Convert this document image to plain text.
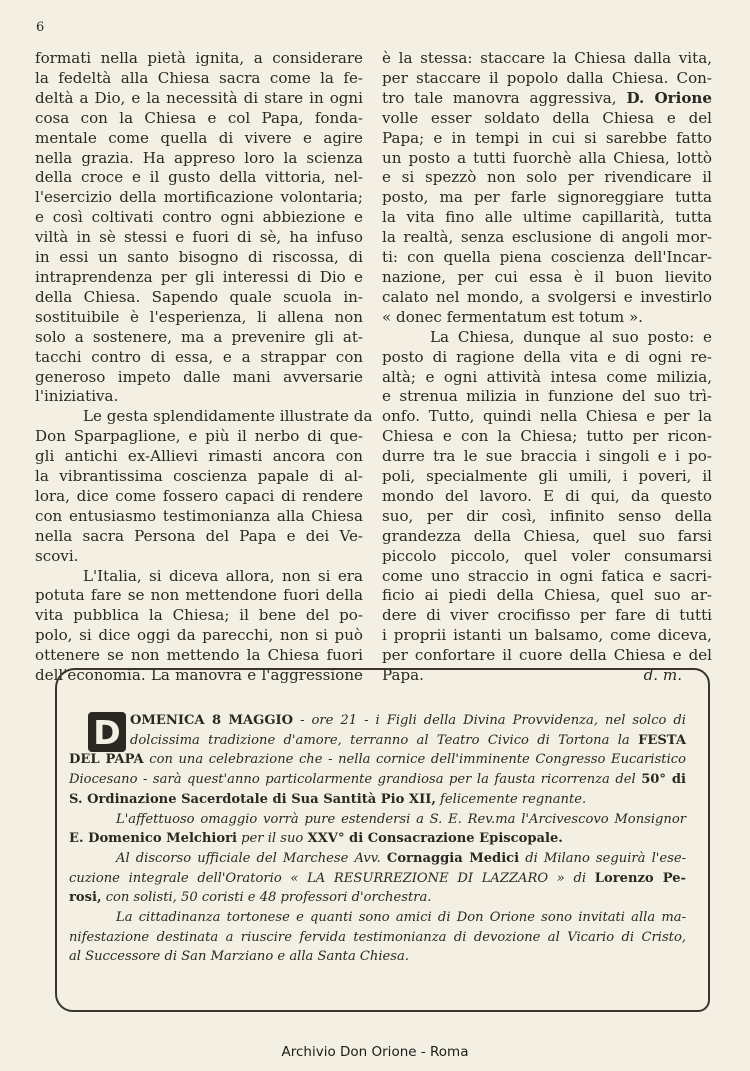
6

formati nella pietà ignita, a considerare
la fedeltà alla Chiesa sacra come la fe-
deltà a Dio, e la necessità di stare in ogni
cosa con la Chiesa e col Papa, fonda-
mentale come quella di vivere e agire
nella grazia. Ha appreso loro la scienza
della croce e il gusto della vittoria, nel-
l'esercizio della mortificazione volontaria;
e così coltivati contro ogni abbiezione e
viltà in sè stessi e fuori di sè, ha infuso
in essi un santo bisogno di riscossa, di
intraprendenza per gli interessi di Dio e
della Chiesa. Sapendo quale scuola in-
sostituibile è l'esperienza, li allena non
solo a sostenere, ma a prevenire gli at-
tacchi contro di essa, e a strappar con
generoso impeto dalle mani avversarie
l'iniziativa.

Le gesta splendidamente illustrate da
Don Sparpaglione, e più il nerbo di que-
gli antichi ex-Allievi rimasti ancora con
la vibrantissima coscienza papale di al-
lora, dice come fossero capaci di rendere
con entusiasmo testimonianza alla Chiesa
nella sacra Persona del Papa e dei Ve-
scovi.

L'Italia, si diceva allora, non si era
potuta fare se non mettendone fuori della
vita pubblica la Chiesa; il bene del po-
polo, si dice oggi da parecchi, non si può
ottenere se non mettendo la Chiesa fuori
dell'economia. La manovra e l'aggressione

è la stessa: staccare la Chiesa dalla vita,
per staccare il popolo dalla Chiesa. Con-
tro tale manovra aggressiva, D. Orione
volle esser soldato della Chiesa e del
Papa; e in tempi in cui si sarebbe fatto
un posto a tutti fuorchè alla Chiesa, lottò
e si spezzò non solo per rivendicare il
posto, ma per farle signoreggiare tutta
la vita fino alle ultime capillarità, tutta
la realtà, senza esclusione di angoli mor-
ti: con quella piena coscienza dell'Incar-
nazione, per cui essa è il buon lievito
calato nel mondo, a svolgersi e investirlo
« donec fermentatum est totum ».

La Chiesa, dunque al suo posto: e
posto di ragione della vita e di ogni re-
altà; e ogni attività intesa come milizia,
e strenua milizia in funzione del suo trì-
onfo. Tutto, quindi nella Chiesa e per la
Chiesa e con la Chiesa; tutto per ricon-
durre tra le sue braccia i singoli e i po-
poli, specialmente gli umili, i poveri, il
mondo del lavoro. E di qui, da questo
suo, per dir così, infinito senso della
grandezza della Chiesa, quel suo farsi
piccolo piccolo, quel voler consumarsi
come uno straccio in ogni fatica e sacri-
ficio ai piedi della Chiesa, quel suo ar-
dere di viver crocifisso per fare di tutti
i proprii istanti un balsamo, come diceva,
per confortare il cuore della Chiesa e del
Papa.	d. m.

D OMENICA 8 MAGGIO - ore 21 - i Figli della Divina Provvidenza, nel solco di
dolcissima tradizione d'amore, terranno al Teatro Civico di Tortona la FESTA
DEL PAPA con una celebrazione che - nella cornice dell'imminente Congresso Eucaristico
Diocesano - sarà quest'anno particolarmente grandiosa per la fausta ricorrenza del 50° di
S. Ordinazione Sacerdotale di Sua Santità Pio XII, felicemente regnante.
L'affettuoso omaggio vorrà pure estendersi a S. E. Rev.ma l'Arcivescovo Monsignor
E. Domenico Melchiori per il suo XXV° di Consacrazione Episcopale.
Al discorso ufficiale del Marchese Avv. Cornaggia Medici di Milano seguirà l'ese-
cuzione integrale dell'Oratorio « LA RESURREZIONE DI LAZZARO » di Lorenzo Pe-
rosi, con solisti, 50 coristi e 48 professori d'orchestra.
La cittadinanza tortonese e quanti sono amici di Don Orione sono invitati alla ma-
nifestazione destinata a riuscire fervida testimonianza di devozione al Vicario di Cristo,
al Successore di San Marziano e alla Santa Chiesa.
Archivio Don Orione - Roma
